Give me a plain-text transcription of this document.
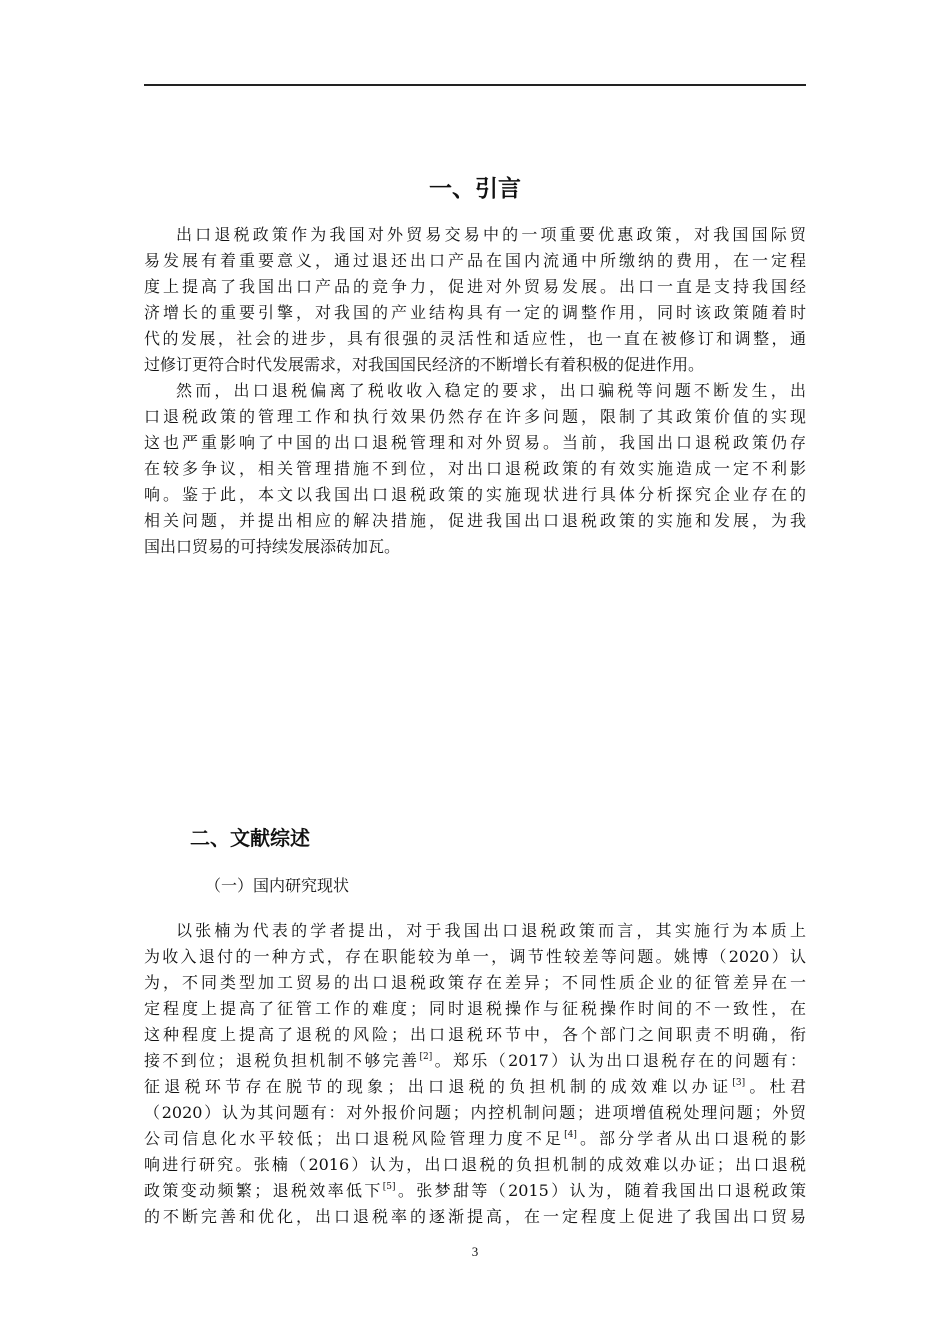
一、引言
出口退税政策作为我国对外贸易交易中的一项重要优惠政策，对我国国际贸
易发展有着重要意义，通过退还出口产品在国内流通中所缴纳的费用，在一定程
度上提高了我国出口产品的竞争力，促进对外贸易发展。出口一直是支持我国经
济增长的重要引擎，对我国的产业结构具有一定的调整作用，同时该政策随着时
代的发展，社会的进步，具有很强的灵活性和适应性，也一直在被修订和调整，通
过修订更符合时代发展需求，对我国国民经济的不断增长有着积极的促进作用。
然而，出口退税偏离了税收收入稳定的要求，出口骗税等问题不断发生，出
口退税政策的管理工作和执行效果仍然存在许多问题，限制了其政策价值的实现
这也严重影响了中国的出口退税管理和对外贸易。当前，我国出口退税政策仍存
在较多争议，相关管理措施不到位，对出口退税政策的有效实施造成一定不利影
响。鉴于此，本文以我国出口退税政策的实施现状进行具体分析探究企业存在的
相关问题，并提出相应的解决措施，促进我国出口退税政策的实施和发展，为我
国出口贸易的可持续发展添砖加瓦。
二、文献综述
（一）国内研究现状
以张楠为代表的学者提出，对于我国出口退税政策而言，其实施行为本质上
为收入退付的一种方式，存在职能较为单一，调节性较差等问题。姚博（2020）认
为，不同类型加工贸易的出口退税政策存在差异；不同性质企业的征管差异在一
定程度上提高了征管工作的难度；同时退税操作与征税操作时间的不一致性，在
这种程度上提高了退税的风险；出口退税环节中，各个部门之间职责不明确，衔
接不到位；退税负担机制不够完善[2]。郑乐（2017）认为出口退税存在的问题有：
征退税环节存在脱节的现象；出口退税的负担机制的成效难以办证[3]。杜君
（2020）认为其问题有：对外报价问题；内控机制问题；进项增值税处理问题；外贸
公司信息化水平较低；出口退税风险管理力度不足[4]。部分学者从出口退税的影
响进行研究。张楠（2016）认为，出口退税的负担机制的成效难以办证；出口退税
政策变动频繁；退税效率低下[5]。张梦甜等（2015）认为，随着我国出口退税政策
的不断完善和优化，出口退税率的逐渐提高，在一定程度上促进了我国出口贸易
3
